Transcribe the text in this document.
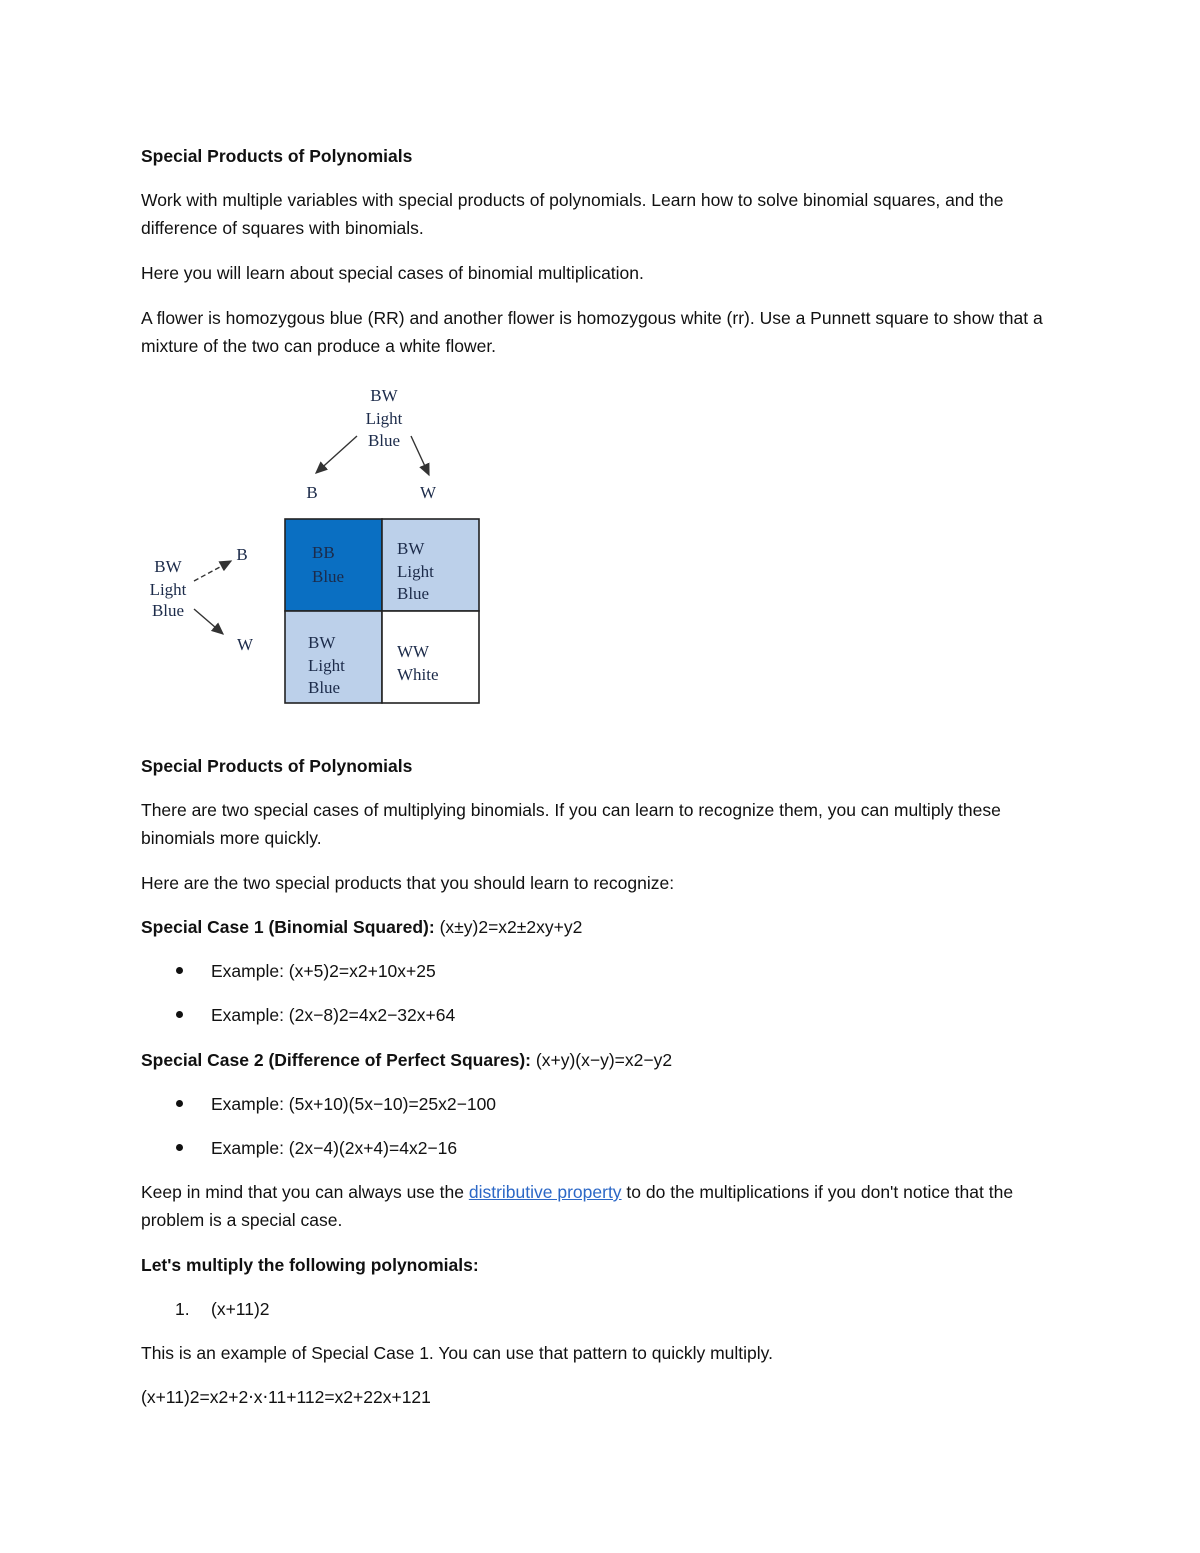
Special Products of Polynomials

Work with multiple variables with special products of polynomials. Learn how to solve binomial squares, and the difference of squares with binomials.

Here you will learn about special cases of binomial multiplication.

A flower is homozygous blue (RR) and another flower is homozygous white (rr). Use a Punnett square to show that a mixture of the two can produce a white flower.

BW
Light
Blue
B	W
BW
Light
Blue
B
W
BB
Blue
BW
Light
Blue
BW
Light
Blue
WW
White

Special Products of Polynomials

There are two special cases of multiplying binomials. If you can learn to recognize them, you can multiply these binomials more quickly.

Here are the two special products that you should learn to recognize:

Special Case 1 (Binomial Squared): (x±y)2=x2±2xy+y2

Example: (x+5)2=x2+10x+25
Example: (2x−8)2=4x2−32x+64

Special Case 2 (Difference of Perfect Squares): (x+y)(x−y)=x2−y2

Example: (5x+10)(5x−10)=25x2−100
Example: (2x−4)(2x+4)=4x2−16

Keep in mind that you can always use the distributive property to do the multiplications if you don't notice that the problem is a special case.

Let's multiply the following polynomials:

1. (x+11)2

This is an example of Special Case 1. You can use that pattern to quickly multiply.

(x+11)2=x2+2⋅x⋅11+112=x2+22x+121
